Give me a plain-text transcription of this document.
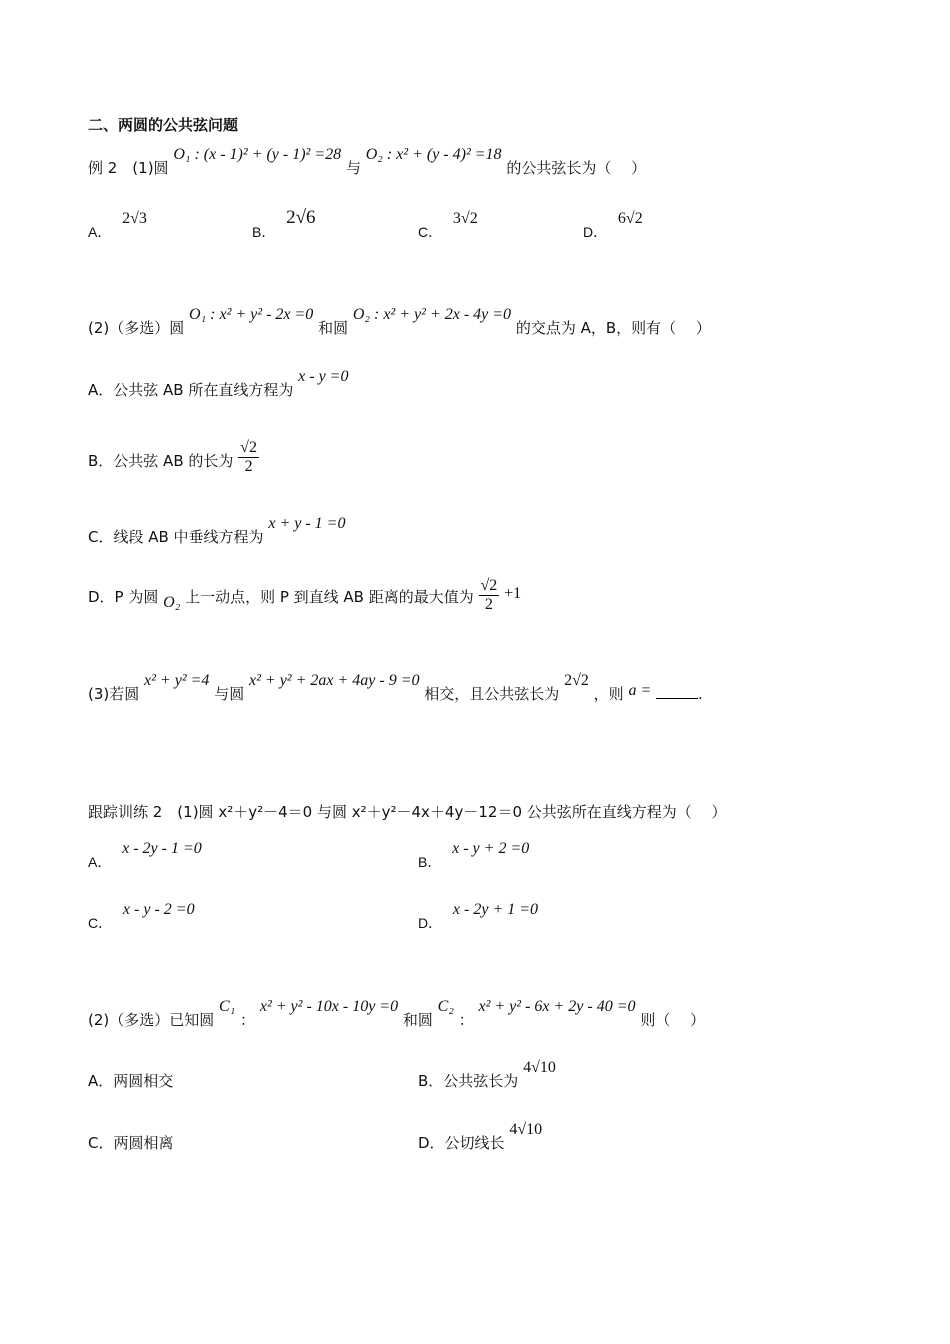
二、两圆的公共弦问题
例 2　(1)圆 O₁ : (x - 1)² + (y - 1)² =28 与 O₂ : x² + (y - 4)² =18 的公共弦长为（　 ）
A． 2√3
B． 2√6
C． 3√2
D． 6√2
(2)（多选）圆 O₁ : x² + y² - 2x =0 和圆 O₂ : x² + y² + 2x - 4y =0 的交点为 A，B，则有（　 ）
A．公共弦 AB 所在直线方程为 x - y =0
B．公共弦 AB 的长为 $\frac{√2}{2}$
C．线段 AB 中垂线方程为 x + y - 1 =0
D．P 为圆 O₂ 上一动点，则 P 到直线 AB 距离的最大值为 $\frac{√2}{2} +1$
(3)若圆 x² + y² =4 与圆 x² + y² + 2ax + 4ay - 9 =0 相交，且公共弦长为 2√2 ，则 a =	.
跟踪训练 2　(1)圆 x²＋y²－4＝0 与圆 x²＋y²－4x＋4y－12＝0 公共弦所在直线方程为（　 ）
A． x - 2y - 1 =0
B． x - y + 2 =0
C． x - y - 2 =0
D． x - 2y + 1 =0
(2)（多选）已知圆 C₁ ： x² + y² - 10x - 10y =0 和圆 C₂ ： x² + y² - 6x + 2y - 40 =0 则（　 ）
A．两圆相交	B．公共弦长为 4√10
C．两圆相离	D．公切线长 4√10
